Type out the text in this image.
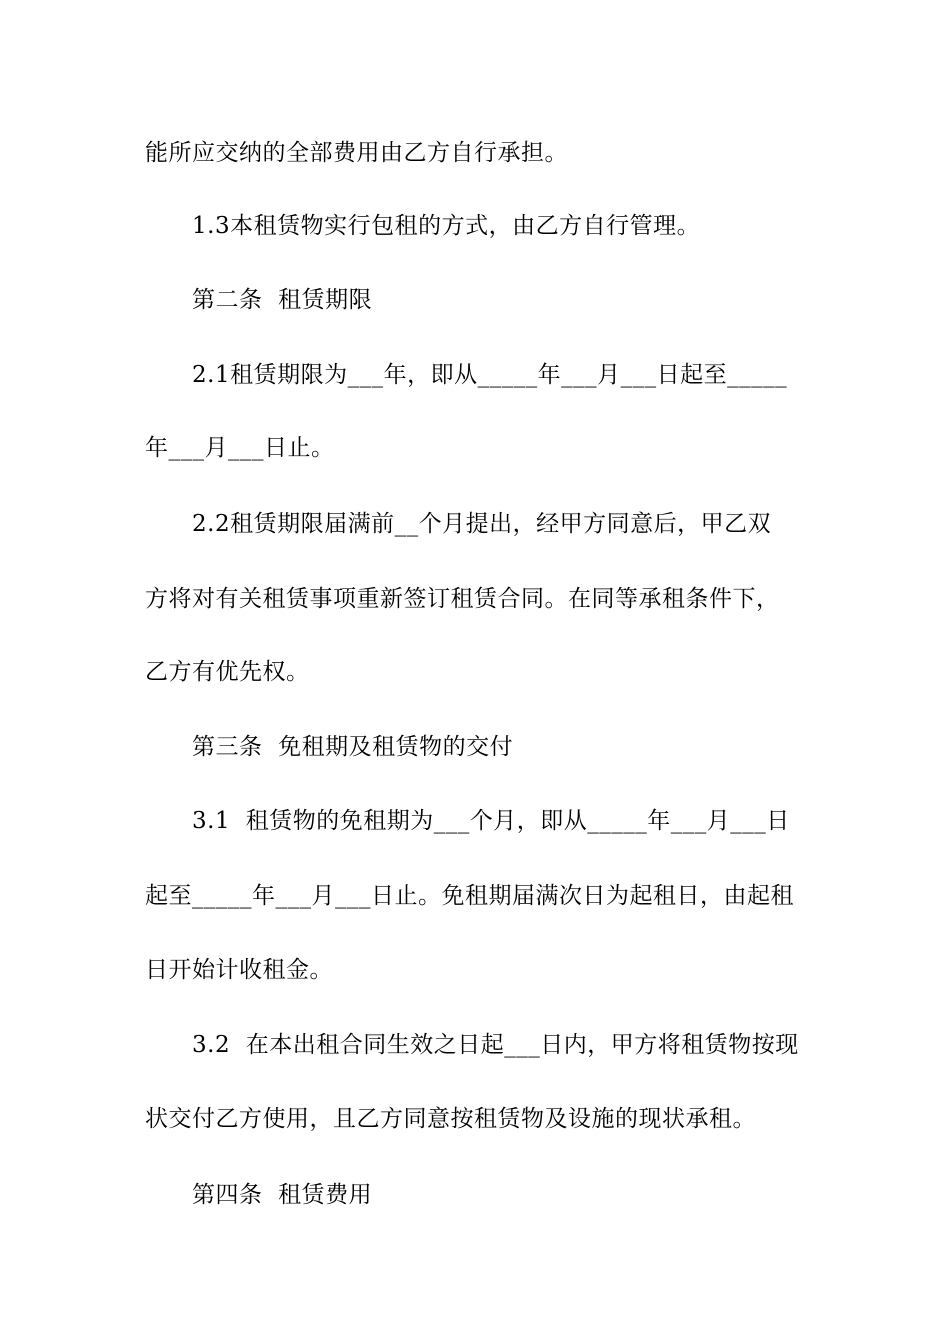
能所应交纳的全部费用由乙方自行承担。
1.3本租赁物实行包租的方式，由乙方自行管理。
第二条  租赁期限
2.1租赁期限为___年，即从_____年___月___日起至_____
年___月___日止。
2.2租赁期限届满前__个月提出，经甲方同意后，甲乙双
方将对有关租赁事项重新签订租赁合同。在同等承租条件下，
乙方有优先权。
第三条  免租期及租赁物的交付
3.1  租赁物的免租期为___个月，即从_____年___月___日
起至_____年___月___日止。免租期届满次日为起租日，由起租
日开始计收租金。
3.2  在本出租合同生效之日起___日内，甲方将租赁物按现
状交付乙方使用，且乙方同意按租赁物及设施的现状承租。
第四条  租赁费用
